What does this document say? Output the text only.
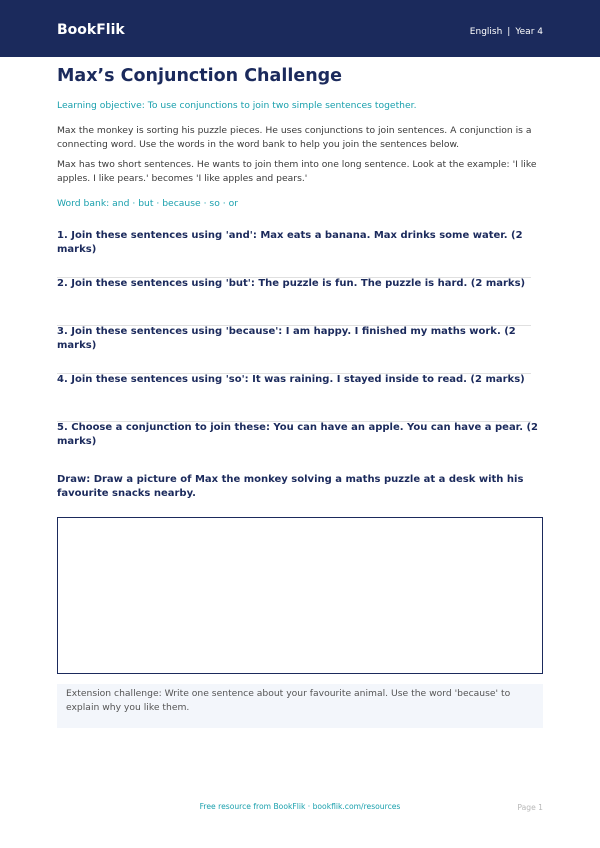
BookFlik	English | Year 4
Max’s Conjunction Challenge

Learning objective: To use conjunctions to join two simple sentences together.

Max the monkey is sorting his puzzle pieces. He uses conjunctions to join sentences. A conjunction is a connecting word. Use the words in the word bank to help you join the sentences below.

Max has two short sentences. He wants to join them into one long sentence. Look at the example: 'I like apples. I like pears.' becomes 'I like apples and pears.'

Word bank: and · but · because · so · or

1. Join these sentences using 'and': Max eats a banana. Max drinks some water. (2 marks)

2. Join these sentences using 'but': The puzzle is fun. The puzzle is hard. (2 marks)

3. Join these sentences using 'because': I am happy. I finished my maths work. (2 marks)

4. Join these sentences using 'so': It was raining. I stayed inside to read. (2 marks)

5. Choose a conjunction to join these: You can have an apple. You can have a pear. (2 marks)

Draw: Draw a picture of Max the monkey solving a maths puzzle at a desk with his favourite snacks nearby.

Extension challenge: Write one sentence about your favourite animal. Use the word 'because' to explain why you like them.
Free resource from BookFlik · bookflik.com/resources	Page 1
